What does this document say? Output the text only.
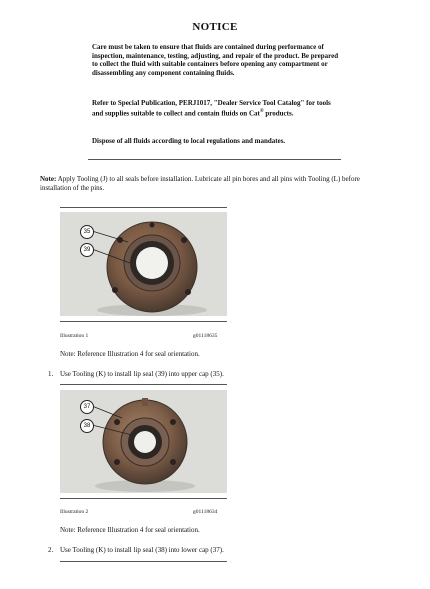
NOTICE
Care must be taken to ensure that fluids are contained during performance of inspection, maintenance, testing, adjusting, and repair of the product. Be prepared to collect the fluid with suitable containers before opening any compartment or disassembling any component containing fluids.
Refer to Special Publication, PERJ1017, "Dealer Service Tool Catalog" for tools and supplies suitable to collect and contain fluids on Cat® products.
Dispose of all fluids according to local regulations and mandates.
Note: Apply Tooling (J) to all seals before installation. Lubricate all pin bores and all pins with Tooling (L) before installation of the pins.
35
39
Illustration 1	g01118635
Note: Reference Illustration 4 for seal orientation.
1. Use Tooling (K) to install lip seal (39) into upper cap (35).
37
38
Illustration 2	g01118634
Note: Reference Illustration 4 for seal orientation.
2. Use Tooling (K) to install lip seal (38) into lower cap (37).
